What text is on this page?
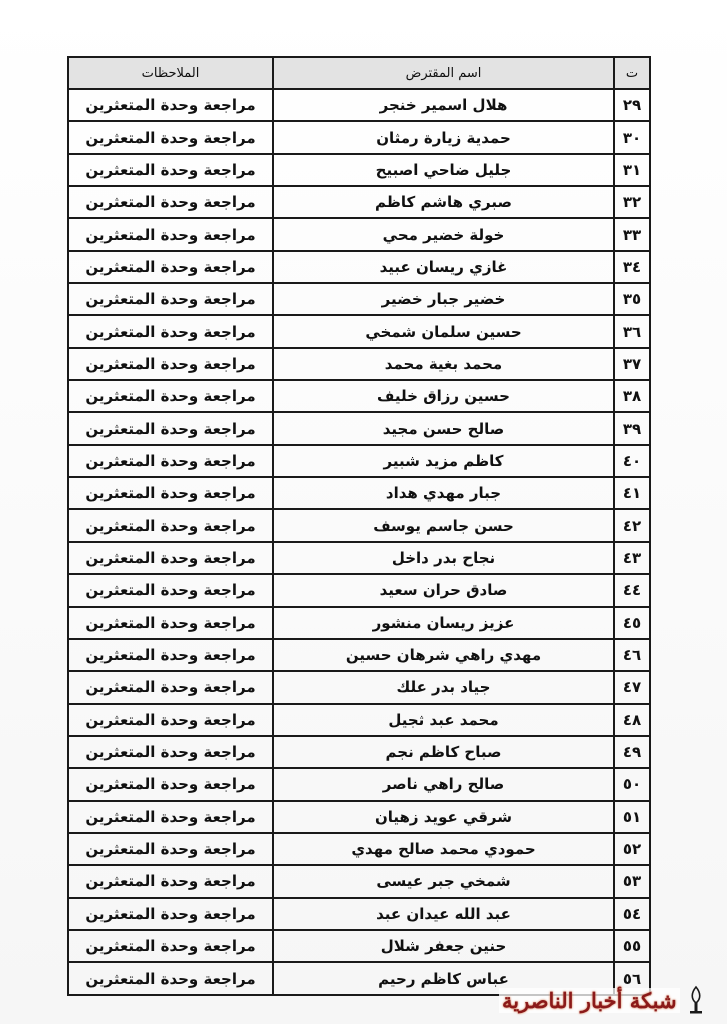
ت	اسم المقترض	الملاحظات
٢٩	هلال اسمير خنجر	مراجعة وحدة المتعثرين
٣٠	حمدية زيارة رمثان	مراجعة وحدة المتعثرين
٣١	جليل ضاحي اصبيح	مراجعة وحدة المتعثرين
٣٢	صبري هاشم كاظم	مراجعة وحدة المتعثرين
٣٣	خولة خضير محي	مراجعة وحدة المتعثرين
٣٤	غازي ريسان عبيد	مراجعة وحدة المتعثرين
٣٥	خضير جبار خضير	مراجعة وحدة المتعثرين
٣٦	حسين سلمان شمخي	مراجعة وحدة المتعثرين
٣٧	محمد بغية محمد	مراجعة وحدة المتعثرين
٣٨	حسين رزاق خليف	مراجعة وحدة المتعثرين
٣٩	صالح حسن مجيد	مراجعة وحدة المتعثرين
٤٠	كاظم مزيد شبير	مراجعة وحدة المتعثرين
٤١	جبار مهدي هداد	مراجعة وحدة المتعثرين
٤٢	حسن جاسم يوسف	مراجعة وحدة المتعثرين
٤٣	نجاح بدر داخل	مراجعة وحدة المتعثرين
٤٤	صادق حران سعيد	مراجعة وحدة المتعثرين
٤٥	عزيز ريسان منشور	مراجعة وحدة المتعثرين
٤٦	مهدي راهي شرهان حسين	مراجعة وحدة المتعثرين
٤٧	جياد بدر علك	مراجعة وحدة المتعثرين
٤٨	محمد عبد ثجيل	مراجعة وحدة المتعثرين
٤٩	صباح كاظم نجم	مراجعة وحدة المتعثرين
٥٠	صالح راهي ناصر	مراجعة وحدة المتعثرين
٥١	شرقي عويد زهيان	مراجعة وحدة المتعثرين
٥٢	حمودي محمد صالح مهدي	مراجعة وحدة المتعثرين
٥٣	شمخي جبر عيسى	مراجعة وحدة المتعثرين
٥٤	عبد الله عيدان عبد	مراجعة وحدة المتعثرين
٥٥	حنين جعفر شلال	مراجعة وحدة المتعثرين
٥٦	عباس كاظم رحيم	مراجعة وحدة المتعثرين
شبكة أخبار الناصرية
